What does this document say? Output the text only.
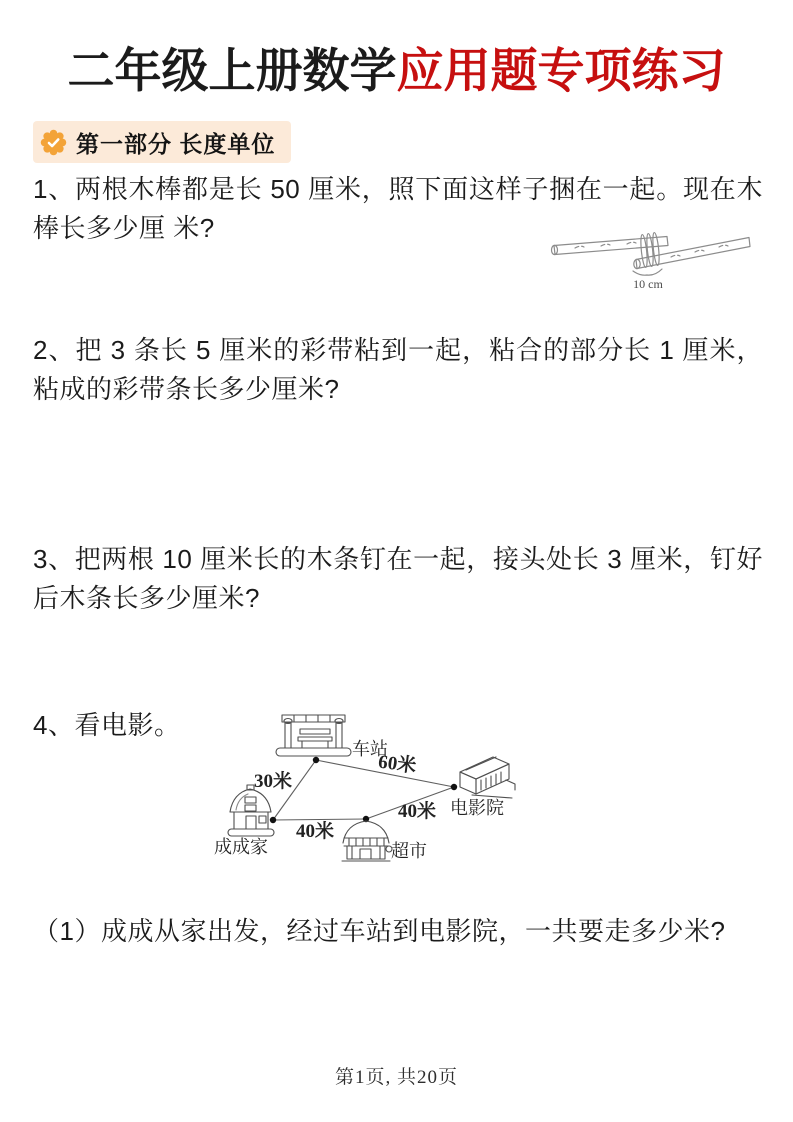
二年级上册数学应用题专项练习
第一部分 长度单位
1、两根木棒都是长 50 厘米，照下面这样子捆在一起。现在木棒长多少厘 米?
10 cm
2、把 3 条长 5 厘米的彩带粘到一起，粘合的部分长 1 厘米，粘成的彩带条长多少厘米?
3、把两根 10 厘米长的木条钉在一起，接头处长 3 厘米，钉好后木条长多少厘米?
4、看电影。
车站
电影院
成成家	超市
30米
60米
40米
40米
（1）成成从家出发，经过车站到电影院，一共要走多少米?
第1页, 共20页
